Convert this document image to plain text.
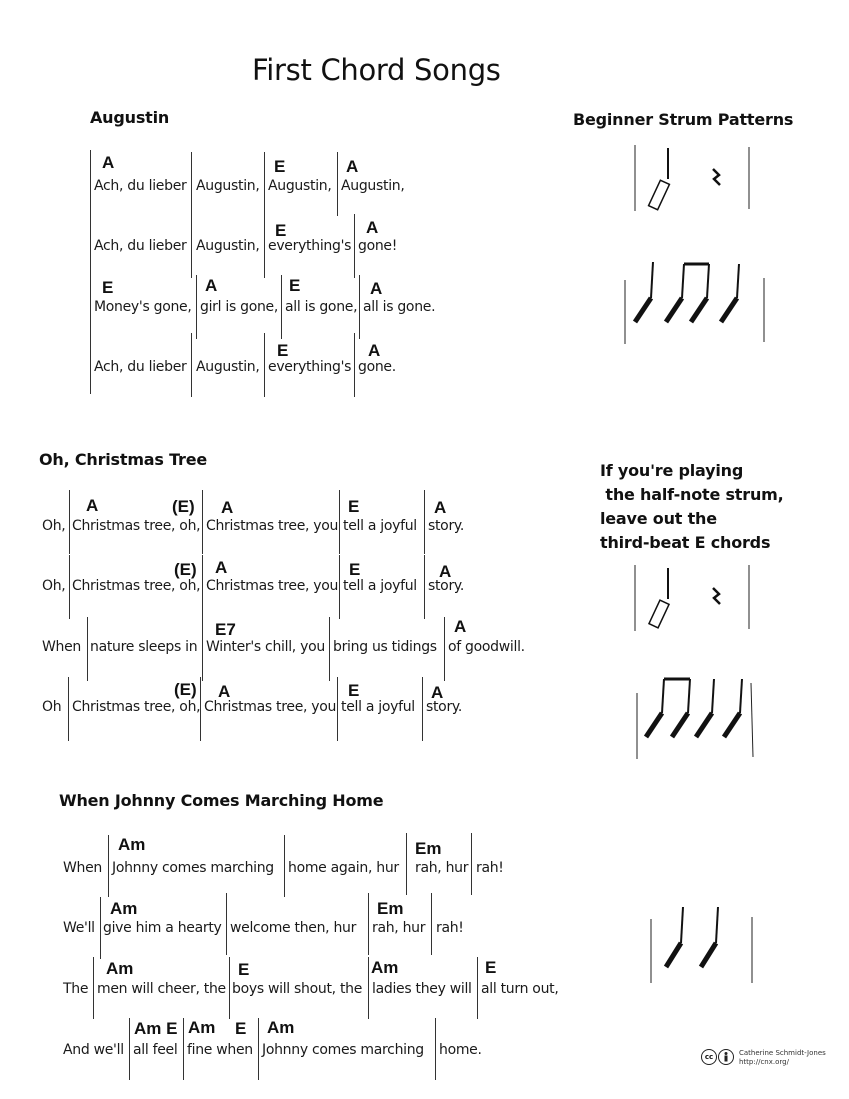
First Chord Songs
Augustin
A	E	A
Ach, du lieber Augustin, Augustin, Augustin,
E	A
Ach, du lieber Augustin, everything's gone!
E	A	E	A
Money's gone, girl is gone, all is gone, all is gone.
E	A
Ach, du lieber Augustin, everything's gone.
Oh, Christmas Tree
A	(E) A	E	A
Oh, Christmas tree, oh, Christmas tree, you tell a joyful story.
(E) A	E	A
Oh, Christmas tree, oh, Christmas tree, you tell a joyful story.
E7	A
When nature sleeps in Winter's chill, you bring us tidings of goodwill.
(E) A	E	A
Oh Christmas tree, oh, Christmas tree, you tell a joyful story.
When Johnny Comes Marching Home
Am	Em
When Johnny comes marching home again, hur rah, hur rah!
Am	Em
We'll give him a hearty welcome then, hur rah, hur rah!
Am	E	Am	E
The men will cheer, the boys will shout, the ladies they will all turn out,
Am E Am E Am
And we'll all feel fine when Johnny comes marching home.
Beginner Strum Patterns
If you're playing
the half-note strum,
leave out the
third-beat E chords
cc	Catherine Schmidt-Jones
http://cnx.org/
